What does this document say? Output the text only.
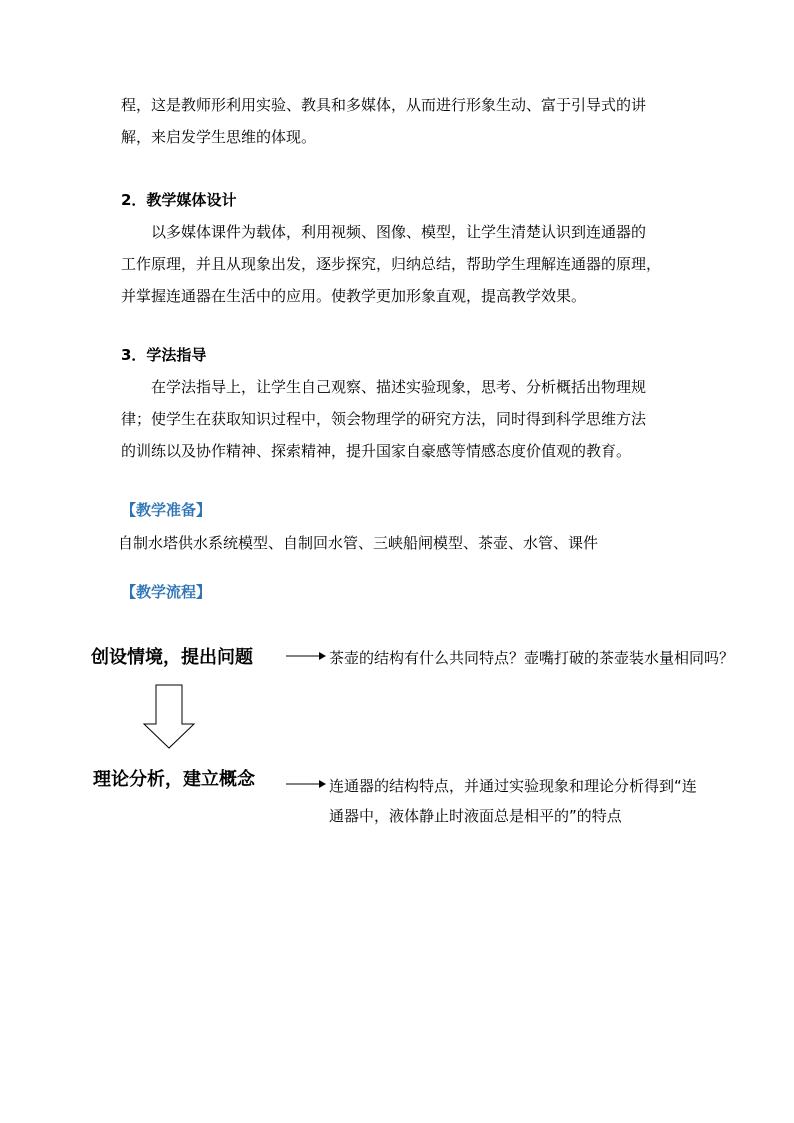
程，这是教师形利用实验、教具和多媒体，从而进行形象生动、富于引导式的讲
解，来启发学生思维的体现。
2．教学媒体设计
以多媒体课件为载体，利用视频、图像、模型，让学生清楚认识到连通器的
工作原理，并且从现象出发，逐步探究，归纳总结，帮助学生理解连通器的原理，
并掌握连通器在生活中的应用。使教学更加形象直观，提高教学效果。
3．学法指导
在学法指导上，让学生自己观察、描述实验现象，思考、分析概括出物理规
律；使学生在获取知识过程中，领会物理学的研究方法，同时得到科学思维方法
的训练以及协作精神、探索精神，提升国家自豪感等情感态度价值观的教育。
【教学准备】
自制水塔供水系统模型、自制回水管、三峡船闸模型、茶壶、水管、课件
【教学流程】
创设情境，提出问题	茶壶的结构有什么共同特点？壶嘴打破的茶壶装水量相同吗？
理论分析，建立概念	连通器的结构特点，并通过实验现象和理论分析得到“连
通器中，液体静止时液面总是相平的”的特点
